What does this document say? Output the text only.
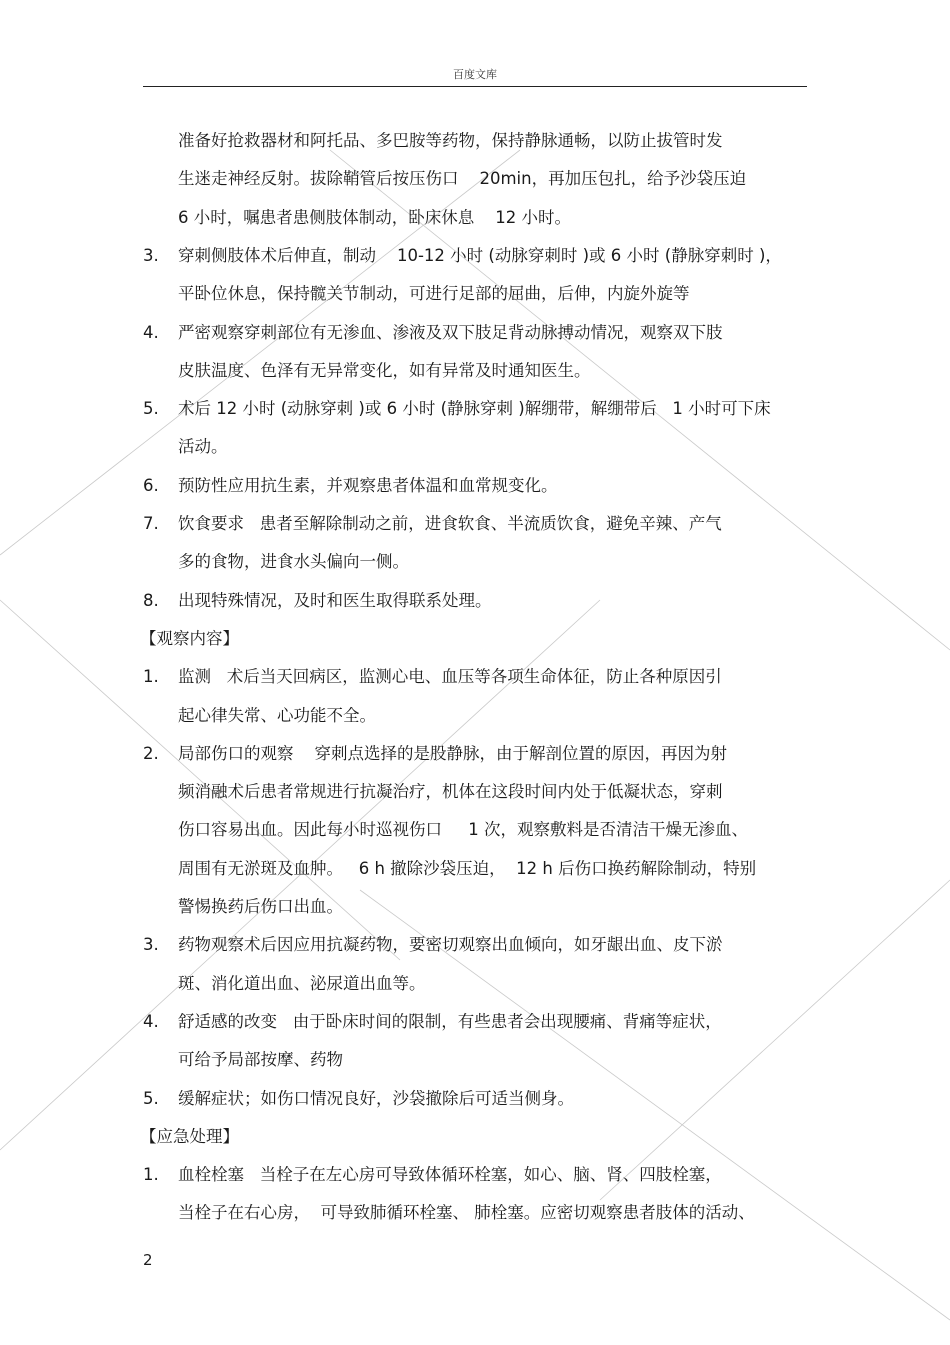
百度文库
准备好抢救器材和阿托品、多巴胺等药物，保持静脉通畅，以防止拔管时发
生迷走神经反射。拔除鞘管后按压伤口    20min，再加压包扎，给予沙袋压迫
6 小时，嘱患者患侧肢体制动，卧床休息    12 小时。
3. 穿刺侧肢体术后伸直，制动    10-12 小时 (动脉穿刺时 )或 6 小时 (静脉穿刺时 )，
平卧位休息，保持髋关节制动，可进行足部的屈曲，后伸，内旋外旋等
4. 严密观察穿刺部位有无渗血、渗液及双下肢足背动脉搏动情况，观察双下肢
皮肤温度、色泽有无异常变化，如有异常及时通知医生。
5. 术后 12 小时 (动脉穿刺 )或 6 小时 (静脉穿刺 )解绷带，解绷带后   1 小时可下床
活动。
6. 预防性应用抗生素，并观察患者体温和血常规变化。
7. 饮食要求   患者至解除制动之前，进食软食、半流质饮食，避免辛辣、产气
多的食物，进食水头偏向一侧。
8. 出现特殊情况，及时和医生取得联系处理。
【观察内容】
1. 监测   术后当天回病区，监测心电、血压等各项生命体征，防止各种原因引
起心律失常、心功能不全。
2. 局部伤口的观察    穿刺点选择的是股静脉，由于解剖位置的原因，再因为射
频消融术后患者常规进行抗凝治疗，机体在这段时间内处于低凝状态，穿刺
伤口容易出血。因此每小时巡视伤口     1 次，观察敷料是否清洁干燥无渗血、
周围有无淤斑及血肿。   6 h 撤除沙袋压迫，  12 h 后伤口换药解除制动，特别
警惕换药后伤口出血。
3. 药物观察术后因应用抗凝药物，要密切观察出血倾向，如牙龈出血、皮下淤
斑、消化道出血、泌尿道出血等。
4. 舒适感的改变   由于卧床时间的限制，有些患者会出现腰痛、背痛等症状，
可给予局部按摩、药物
5. 缓解症状；如伤口情况良好，沙袋撤除后可适当侧身。
【应急处理】
1. 血栓栓塞   当栓子在左心房可导致体循环栓塞，如心、脑、肾、四肢栓塞，
当栓子在右心房，  可导致肺循环栓塞、 肺栓塞。应密切观察患者肢体的活动、
2
